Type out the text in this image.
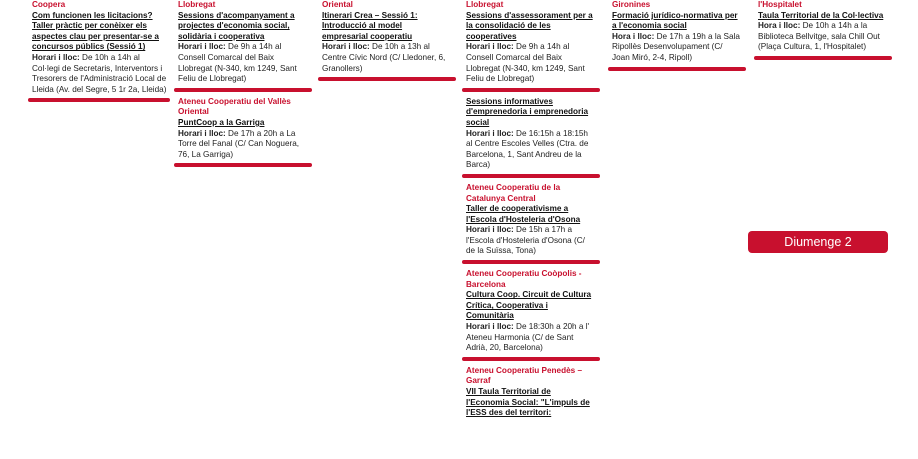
Coopera
Com funcionen les licitacions? Taller pràctic per conèixer els aspectes clau per presentar-se a concursos públics (Sessió 1)
Horari i lloc: De 10h a 14h al Col·legi de Secretaris, Interventors i Tresorers de l'Administració Local de Lleida (Av. del Segre, 5 1r 2a, Lleida)
Llobregat
Sessions d'acompanyament a projectes d'economia social, solidària i cooperativa
Horari i lloc: De 9h a 14h al Consell Comarcal del Baix Llobregat (N-340, km 1249, Sant Feliu de Llobregat)
Ateneu Cooperatiu del Vallès Oriental
PuntCoop a la Garriga
Horari i lloc: De 17h a 20h a La Torre del Fanal (C/ Can Noguera, 76, La Garriga)
Oriental
Itinerari Crea – Sessió 1: Introducció al model empresarial cooperatiu
Horari i lloc: De 10h a 13h al Centre Cívic Nord (C/ Lledoner, 6, Granollers)
Llobregat
Sessions d'assessorament per a la consolidació de les cooperatives
Horari i lloc: De 9h a 14h al Consell Comarcal del Baix Llobregat (N-340, km 1249, Sant Feliu de Llobregat)
Sessions informatives d'emprenedoria i emprenedoria social
Horari i lloc: De 16:15h a 18:15h al Centre Escoles Velles (Ctra. de Barcelona, 1, Sant Andreu de la Barca)
Ateneu Cooperatiu de la Catalunya Central
Taller de cooperativisme a l'Escola d'Hosteleria d'Osona
Horari i lloc: De 15h a 17h a l'Escola d'Hosteleria d'Osona (C/ de la Suïssa, Tona)
Ateneu Cooperatiu Coòpolis - Barcelona
Cultura Coop. Circuit de Cultura Crítica, Cooperativa i Comunitària
Horari i lloc: De 18:30h a 20h a l' Ateneu Harmonia (C/ de Sant Adrià, 20, Barcelona)
Ateneu Cooperatiu Penedès – Garraf
VII Taula Territorial de l'Economia Social: "L'impuls de l'ESS des del territori:
Gironines
Formació jurídico-normativa per a l'economia social
Hora i lloc: De 17h a 19h a la Sala Ripollès Desenvolupament (C/ Joan Miró, 2-4, Ripoll)
l'Hospitalet
Taula Territorial de la Col·lectiva
Hora i lloc: De 10h a 14h a la Biblioteca Bellvitge, sala Chill Out (Plaça Cultura, 1, l'Hospitalet)
Diumenge 2
